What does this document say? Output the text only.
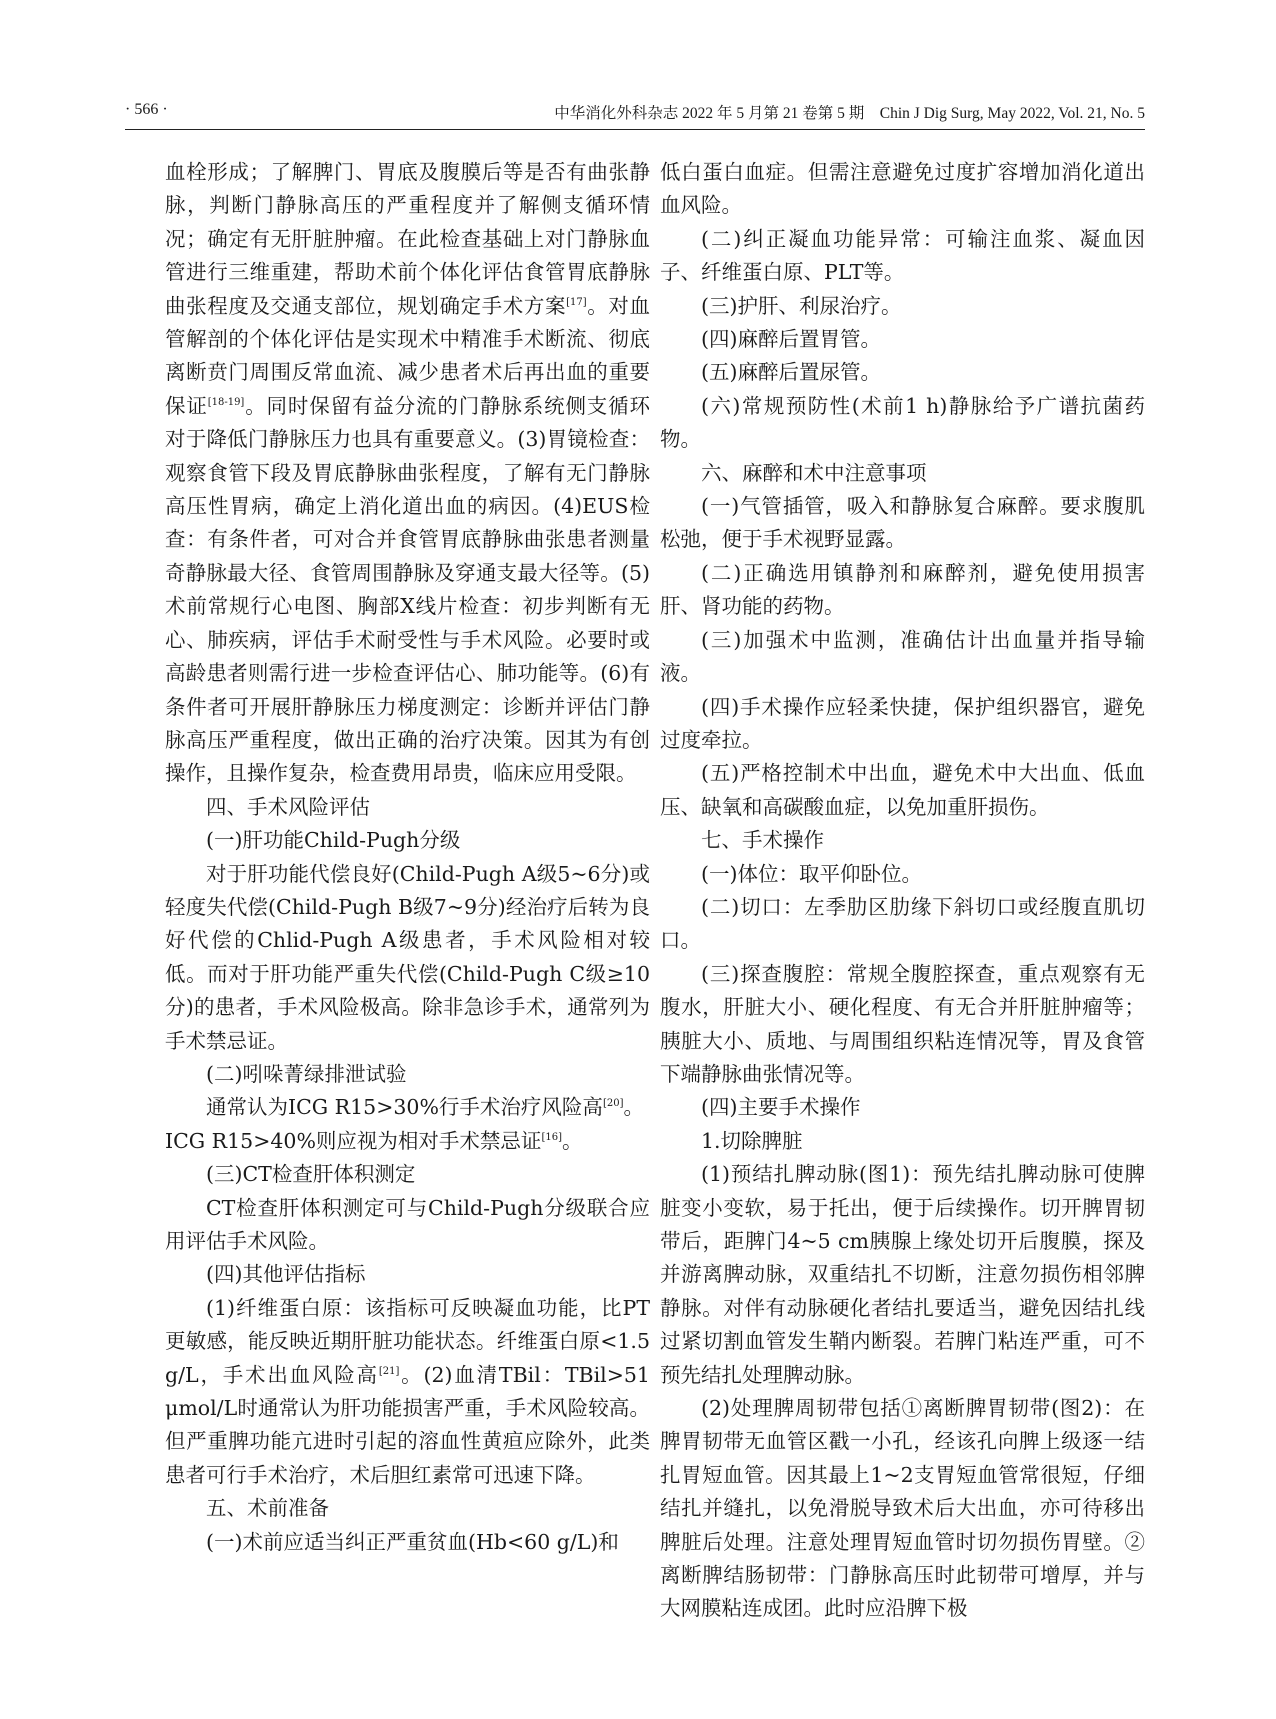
· 566 ·	中华消化外科杂志 2022 年 5 月第 21 卷第 5 期　Chin J Dig Surg, May 2022, Vol. 21, No. 5

血栓形成；了解脾门、胃底及腹膜后等是否有曲张静脉，判断门静脉高压的严重程度并了解侧支循环情况；确定有无肝脏肿瘤。在此检查基础上对门静脉血管进行三维重建，帮助术前个体化评估食管胃底静脉曲张程度及交通支部位，规划确定手术方案[17]。对血管解剖的个体化评估是实现术中精准手术断流、彻底离断贲门周围反常血流、减少患者术后再出血的重要保证[18-19]。同时保留有益分流的门静脉系统侧支循环对于降低门静脉压力也具有重要意义。(3)胃镜检查：观察食管下段及胃底静脉曲张程度，了解有无门静脉高压性胃病，确定上消化道出血的病因。(4)EUS检查：有条件者，可对合并食管胃底静脉曲张患者测量奇静脉最大径、食管周围静脉及穿通支最大径等。(5)术前常规行心电图、胸部X线片检查：初步判断有无心、肺疾病，评估手术耐受性与手术风险。必要时或高龄患者则需行进一步检查评估心、肺功能等。(6)有条件者可开展肝静脉压力梯度测定：诊断并评估门静脉高压严重程度，做出正确的治疗决策。因其为有创操作，且操作复杂，检查费用昂贵，临床应用受限。

四、手术风险评估

(一)肝功能Child-Pugh分级

对于肝功能代偿良好(Child-Pugh A级5~6分)或轻度失代偿(Child-Pugh B级7~9分)经治疗后转为良好代偿的Chlid-Pugh A级患者，手术风险相对较低。而对于肝功能严重失代偿(Child-Pugh C级≥10分)的患者，手术风险极高。除非急诊手术，通常列为手术禁忌证。

(二)吲哚菁绿排泄试验

通常认为ICG R15>30%行手术治疗风险高[20]。

ICG R15>40%则应视为相对手术禁忌证[16]。

(三)CT检查肝体积测定

CT检查肝体积测定可与Child-Pugh分级联合应用评估手术风险。

(四)其他评估指标

(1)纤维蛋白原：该指标可反映凝血功能，比PT更敏感，能反映近期肝脏功能状态。纤维蛋白原<1.5 g/L，手术出血风险高[21]。(2)血清TBil：TBil>51 μmol/L时通常认为肝功能损害严重，手术风险较高。但严重脾功能亢进时引起的溶血性黄疸应除外，此类患者可行手术治疗，术后胆红素常可迅速下降。

五、术前准备

(一)术前应适当纠正严重贫血(Hb<60 g/L)和

低白蛋白血症。但需注意避免过度扩容增加消化道出血风险。

(二)纠正凝血功能异常：可输注血浆、凝血因子、纤维蛋白原、PLT等。

(三)护肝、利尿治疗。

(四)麻醉后置胃管。

(五)麻醉后置尿管。

(六)常规预防性(术前1 h)静脉给予广谱抗菌药物。

六、麻醉和术中注意事项

(一)气管插管，吸入和静脉复合麻醉。要求腹肌松弛，便于手术视野显露。

(二)正确选用镇静剂和麻醉剂，避免使用损害肝、肾功能的药物。

(三)加强术中监测，准确估计出血量并指导输液。

(四)手术操作应轻柔快捷，保护组织器官，避免过度牵拉。

(五)严格控制术中出血，避免术中大出血、低血压、缺氧和高碳酸血症，以免加重肝损伤。

七、手术操作

(一)体位：取平仰卧位。

(二)切口：左季肋区肋缘下斜切口或经腹直肌切口。

(三)探查腹腔：常规全腹腔探查，重点观察有无腹水，肝脏大小、硬化程度、有无合并肝脏肿瘤等；胰脏大小、质地、与周围组织粘连情况等，胃及食管下端静脉曲张情况等。

(四)主要手术操作

1.切除脾脏

(1)预结扎脾动脉(图1)：预先结扎脾动脉可使脾脏变小变软，易于托出，便于后续操作。切开脾胃韧带后，距脾门4~5 cm胰腺上缘处切开后腹膜，探及并游离脾动脉，双重结扎不切断，注意勿损伤相邻脾静脉。对伴有动脉硬化者结扎要适当，避免因结扎线过紧切割血管发生鞘内断裂。若脾门粘连严重，可不预先结扎处理脾动脉。

(2)处理脾周韧带包括①离断脾胃韧带(图2)：在脾胃韧带无血管区戳一小孔，经该孔向脾上级逐一结扎胃短血管。因其最上1~2支胃短血管常很短，仔细结扎并缝扎，以免滑脱导致术后大出血，亦可待移出脾脏后处理。注意处理胃短血管时切勿损伤胃壁。②离断脾结肠韧带：门静脉高压时此韧带可增厚，并与大网膜粘连成团。此时应沿脾下极
